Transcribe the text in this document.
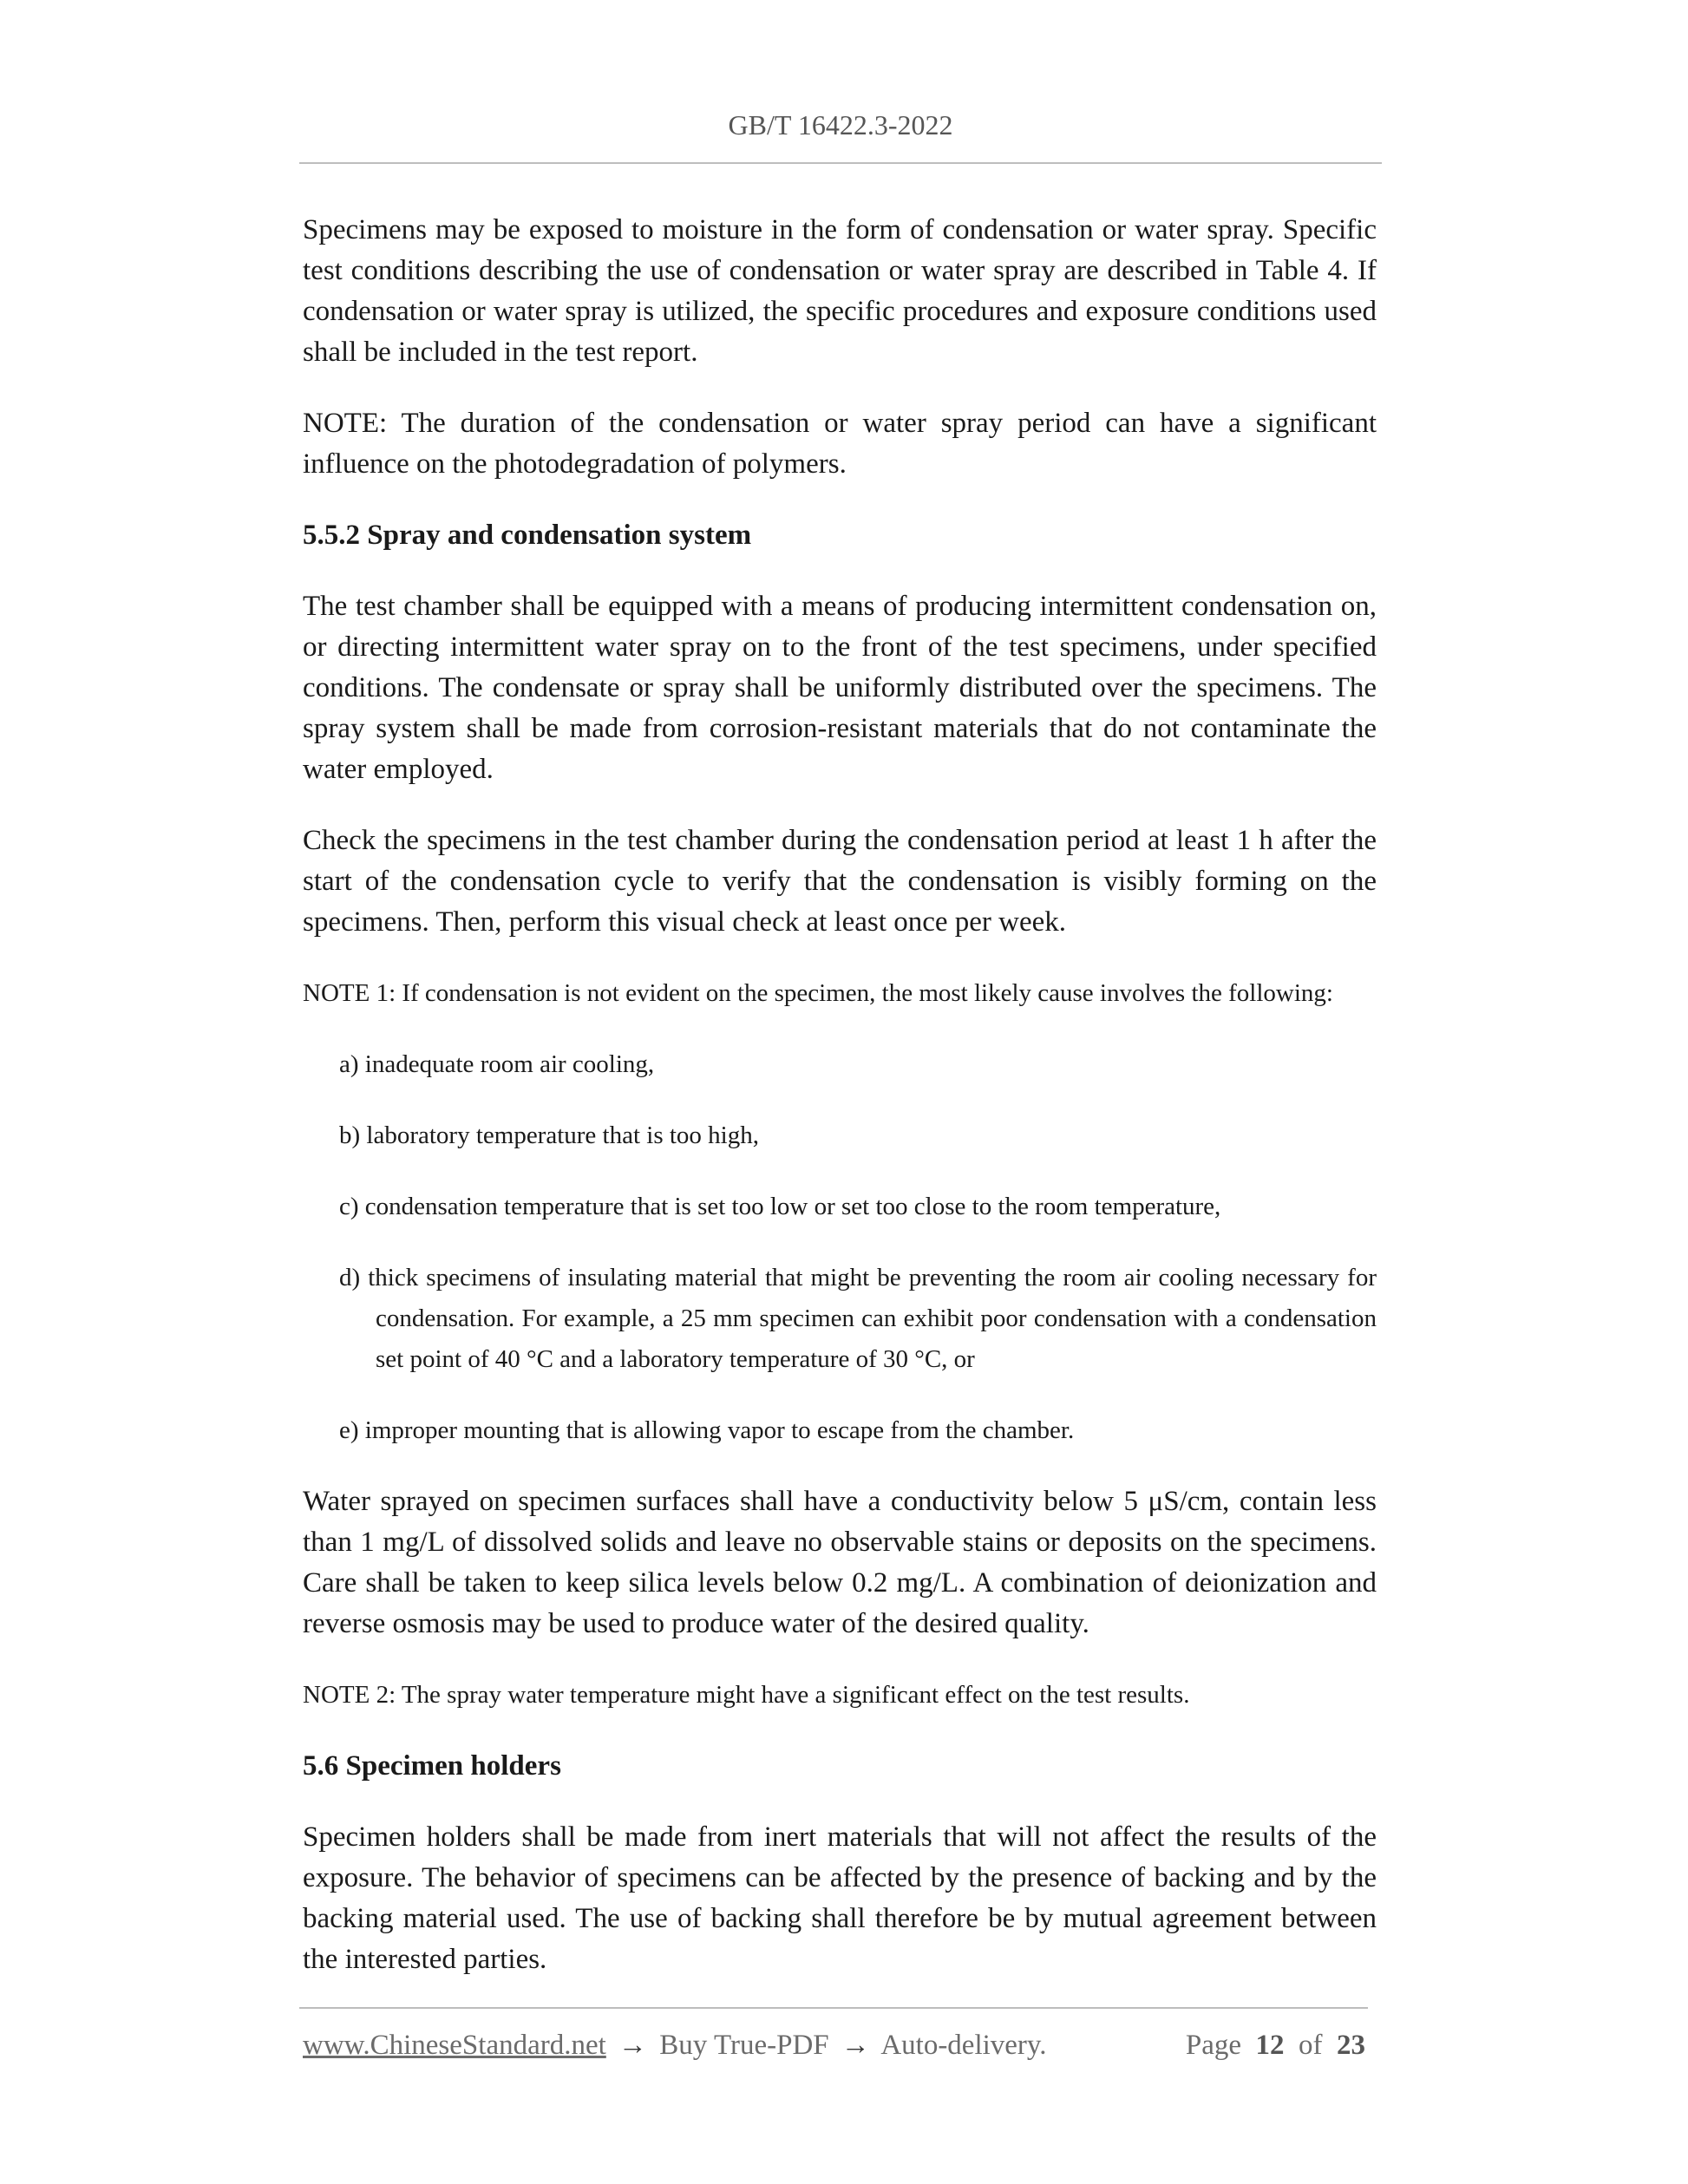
GB/T 16422.3-2022

Specimens may be exposed to moisture in the form of condensation or water spray. Specific test conditions describing the use of condensation or water spray are described in Table 4. If condensation or water spray is utilized, the specific procedures and exposure conditions used shall be included in the test report.

NOTE: The duration of the condensation or water spray period can have a significant influence on the photodegradation of polymers.

5.5.2 Spray and condensation system

The test chamber shall be equipped with a means of producing intermittent condensation on, or directing intermittent water spray on to the front of the test specimens, under specified conditions. The condensate or spray shall be uniformly distributed over the specimens. The spray system shall be made from corrosion-resistant materials that do not contaminate the water employed.

Check the specimens in the test chamber during the condensation period at least 1 h after the start of the condensation cycle to verify that the condensation is visibly forming on the specimens. Then, perform this visual check at least once per week.

NOTE 1: If condensation is not evident on the specimen, the most likely cause involves the following:

a) inadequate room air cooling,

b) laboratory temperature that is too high,

c) condensation temperature that is set too low or set too close to the room temperature,

d) thick specimens of insulating material that might be preventing the room air cooling necessary for condensation. For example, a 25 mm specimen can exhibit poor condensation with a condensation set point of 40 °C and a laboratory temperature of 30 °C, or

e) improper mounting that is allowing vapor to escape from the chamber.

Water sprayed on specimen surfaces shall have a conductivity below 5 μS/cm, contain less than 1 mg/L of dissolved solids and leave no observable stains or deposits on the specimens. Care shall be taken to keep silica levels below 0.2 mg/L. A combination of deionization and reverse osmosis may be used to produce water of the desired quality.

NOTE 2: The spray water temperature might have a significant effect on the test results.

5.6 Specimen holders

Specimen holders shall be made from inert materials that will not affect the results of the exposure. The behavior of specimens can be affected by the presence of backing and by the backing material used. The use of backing shall therefore be by mutual agreement between the interested parties.

www.ChineseStandard.net → Buy True-PDF → Auto-delivery.	Page 12 of 23
